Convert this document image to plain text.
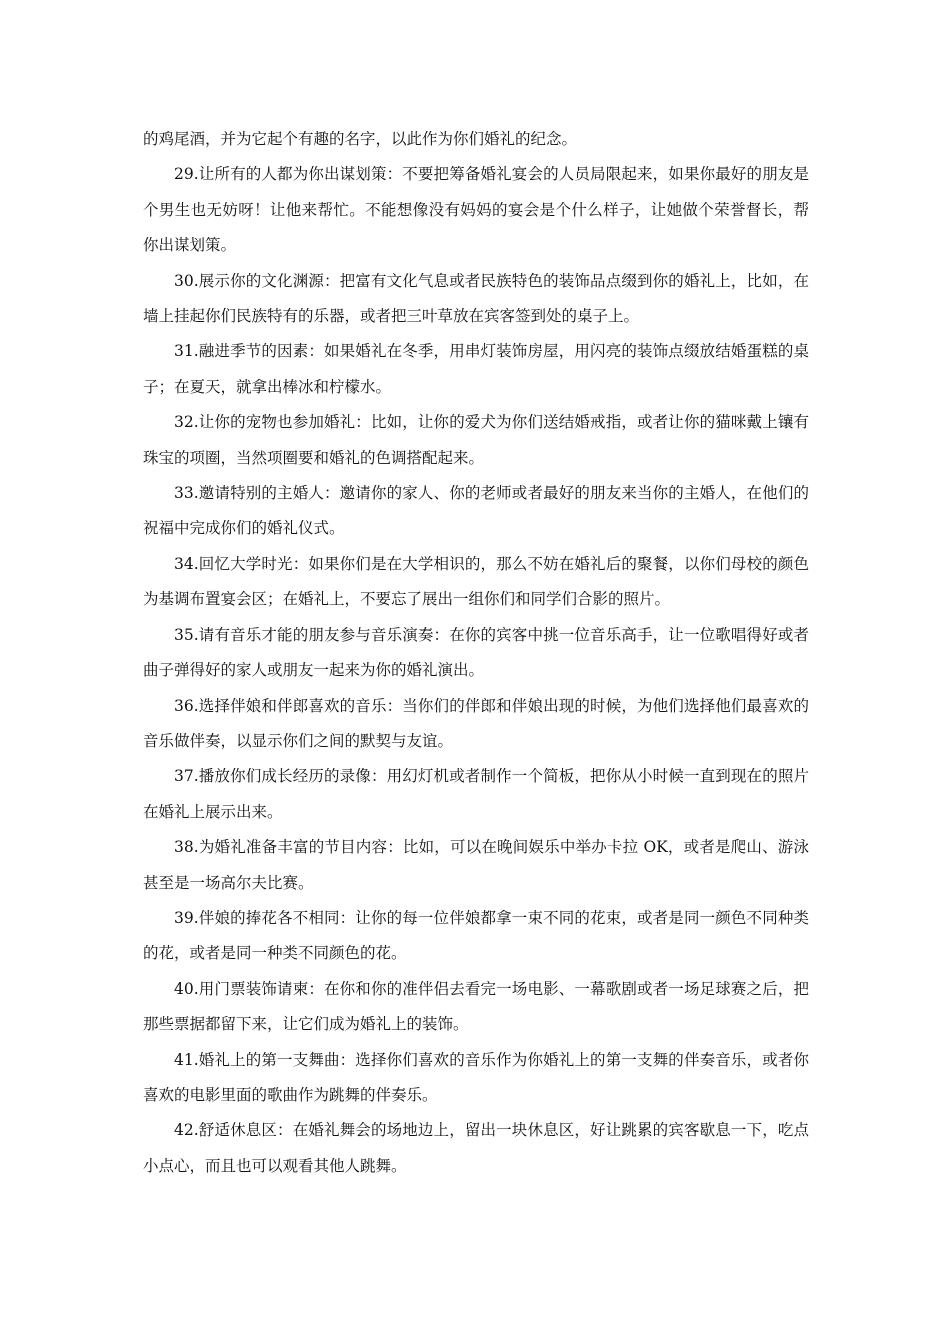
的鸡尾酒，并为它起个有趣的名字，以此作为你们婚礼的纪念。

29.让所有的人都为你出谋划策：不要把筹备婚礼宴会的人员局限起来，如果你最好的朋友是个男生也无妨呀！让他来帮忙。不能想像没有妈妈的宴会是个什么样子，让她做个荣誉督长，帮你出谋划策。

30.展示你的文化渊源：把富有文化气息或者民族特色的装饰品点缀到你的婚礼上，比如，在墙上挂起你们民族特有的乐器，或者把三叶草放在宾客签到处的桌子上。

31.融进季节的因素：如果婚礼在冬季，用串灯装饰房屋，用闪亮的装饰点缀放结婚蛋糕的桌子；在夏天，就拿出棒冰和柠檬水。

32.让你的宠物也参加婚礼：比如，让你的爱犬为你们送结婚戒指，或者让你的猫咪戴上镶有珠宝的项圈，当然项圈要和婚礼的色调搭配起来。

33.邀请特别的主婚人：邀请你的家人、你的老师或者最好的朋友来当你的主婚人，在他们的祝福中完成你们的婚礼仪式。

34.回忆大学时光：如果你们是在大学相识的，那么不妨在婚礼后的聚餐，以你们母校的颜色为基调布置宴会区；在婚礼上，不要忘了展出一组你们和同学们合影的照片。

35.请有音乐才能的朋友参与音乐演奏：在你的宾客中挑一位音乐高手，让一位歌唱得好或者曲子弹得好的家人或朋友一起来为你的婚礼演出。

36.选择伴娘和伴郎喜欢的音乐：当你们的伴郎和伴娘出现的时候，为他们选择他们最喜欢的音乐做伴奏，以显示你们之间的默契与友谊。

37.播放你们成长经历的录像：用幻灯机或者制作一个简板，把你从小时候一直到现在的照片在婚礼上展示出来。

38.为婚礼准备丰富的节目内容：比如，可以在晚间娱乐中举办卡拉 OK，或者是爬山、游泳甚至是一场高尔夫比赛。

39.伴娘的捧花各不相同：让你的每一位伴娘都拿一束不同的花束，或者是同一颜色不同种类的花，或者是同一种类不同颜色的花。

40.用门票装饰请柬：在你和你的准伴侣去看完一场电影、一幕歌剧或者一场足球赛之后，把那些票据都留下来，让它们成为婚礼上的装饰。

41.婚礼上的第一支舞曲：选择你们喜欢的音乐作为你婚礼上的第一支舞的伴奏音乐，或者你喜欢的电影里面的歌曲作为跳舞的伴奏乐。

42.舒适休息区：在婚礼舞会的场地边上，留出一块休息区，好让跳累的宾客歇息一下，吃点小点心，而且也可以观看其他人跳舞。
